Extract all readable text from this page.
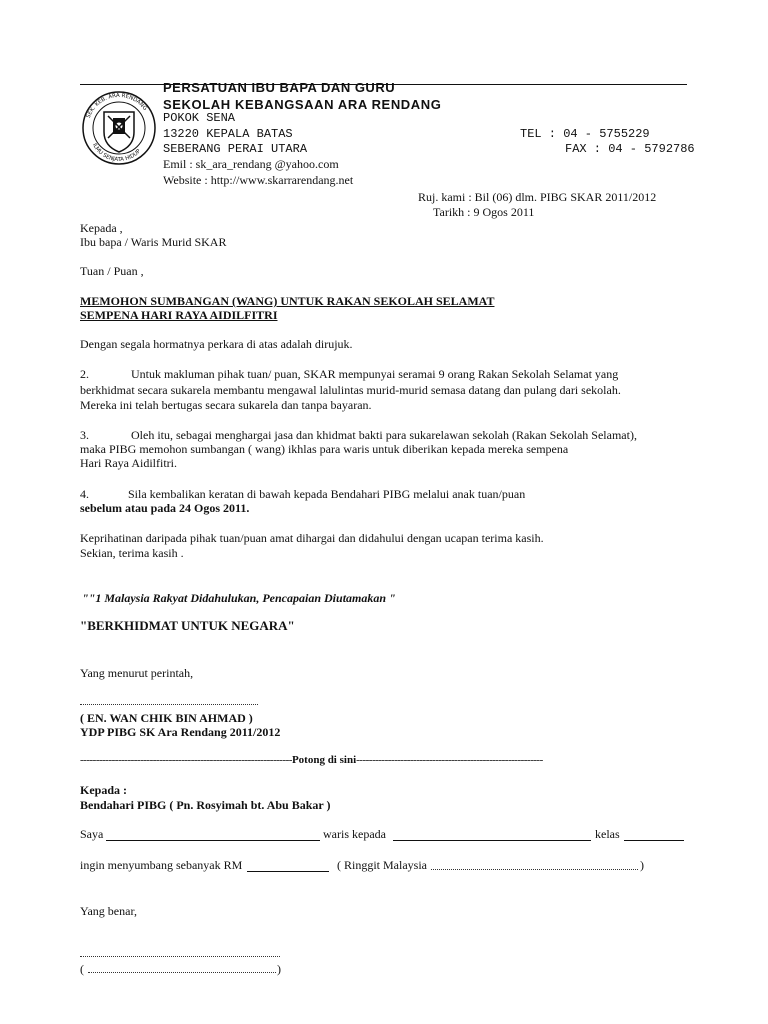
SEK. KEB. ARA RENDANG
ILMU SENJATA HIDUP
PERSATUAN IBU BAPA DAN GURU
SEKOLAH KEBANGSAAN ARA RENDANG
POKOK SENA
13220 KEPALA BATAS
SEBERANG PERAI UTARA
Emil : sk_ara_rendang @yahoo.com
Website : http://www.skarrarendang.net
TEL : 04 - 5755229
FAX : 04 - 5792786
Ruj. kami : Bil (06) dlm. PIBG SKAR 2011/2012
Tarikh : 9 Ogos 2011
Kepada ,
Ibu bapa / Waris Murid SKAR
Tuan / Puan ,
MEMOHON SUMBANGAN (WANG) UNTUK RAKAN SEKOLAH SELAMAT
SEMPENA HARI RAYA AIDILFITRI
Dengan segala hormatnya perkara di atas adalah dirujuk.
2.	Untuk makluman pihak tuan/ puan, SKAR mempunyai seramai 9 orang Rakan Sekolah Selamat yang
berkhidmat secara sukarela membantu mengawal lalulintas murid-murid semasa datang dan pulang dari sekolah.
Mereka ini telah bertugas secara sukarela dan tanpa bayaran.
3.	Oleh itu, sebagai menghargai jasa dan khidmat bakti para sukarelawan sekolah (Rakan Sekolah Selamat),
maka PIBG memohon sumbangan ( wang) ikhlas para waris untuk diberikan kepada mereka sempena
Hari Raya Aidilfitri.
4.	Sila kembalikan keratan di bawah kepada Bendahari PIBG melalui anak tuan/puan
sebelum atau pada 24 Ogos 2011.
Keprihatinan daripada pihak tuan/puan amat dihargai dan didahului dengan ucapan terima kasih.
Sekian, terima kasih .
""1 Malaysia Rakyat Didahulukan, Pencapaian Diutamakan "
"BERKHIDMAT UNTUK NEGARA"
Yang menurut perintah,
( EN. WAN CHIK BIN AHMAD )
YDP PIBG SK Ara Rendang 2011/2012
-------------------------------------------------------------------Potong di sini-----------------------------------------------------------
Kepada :
Bendahari PIBG ( Pn. Rosyimah bt. Abu Bakar )
Saya	waris kepada	kelas
ingin menyumbang sebanyak RM	( Ringgit Malaysia	)
Yang benar,
(	)
